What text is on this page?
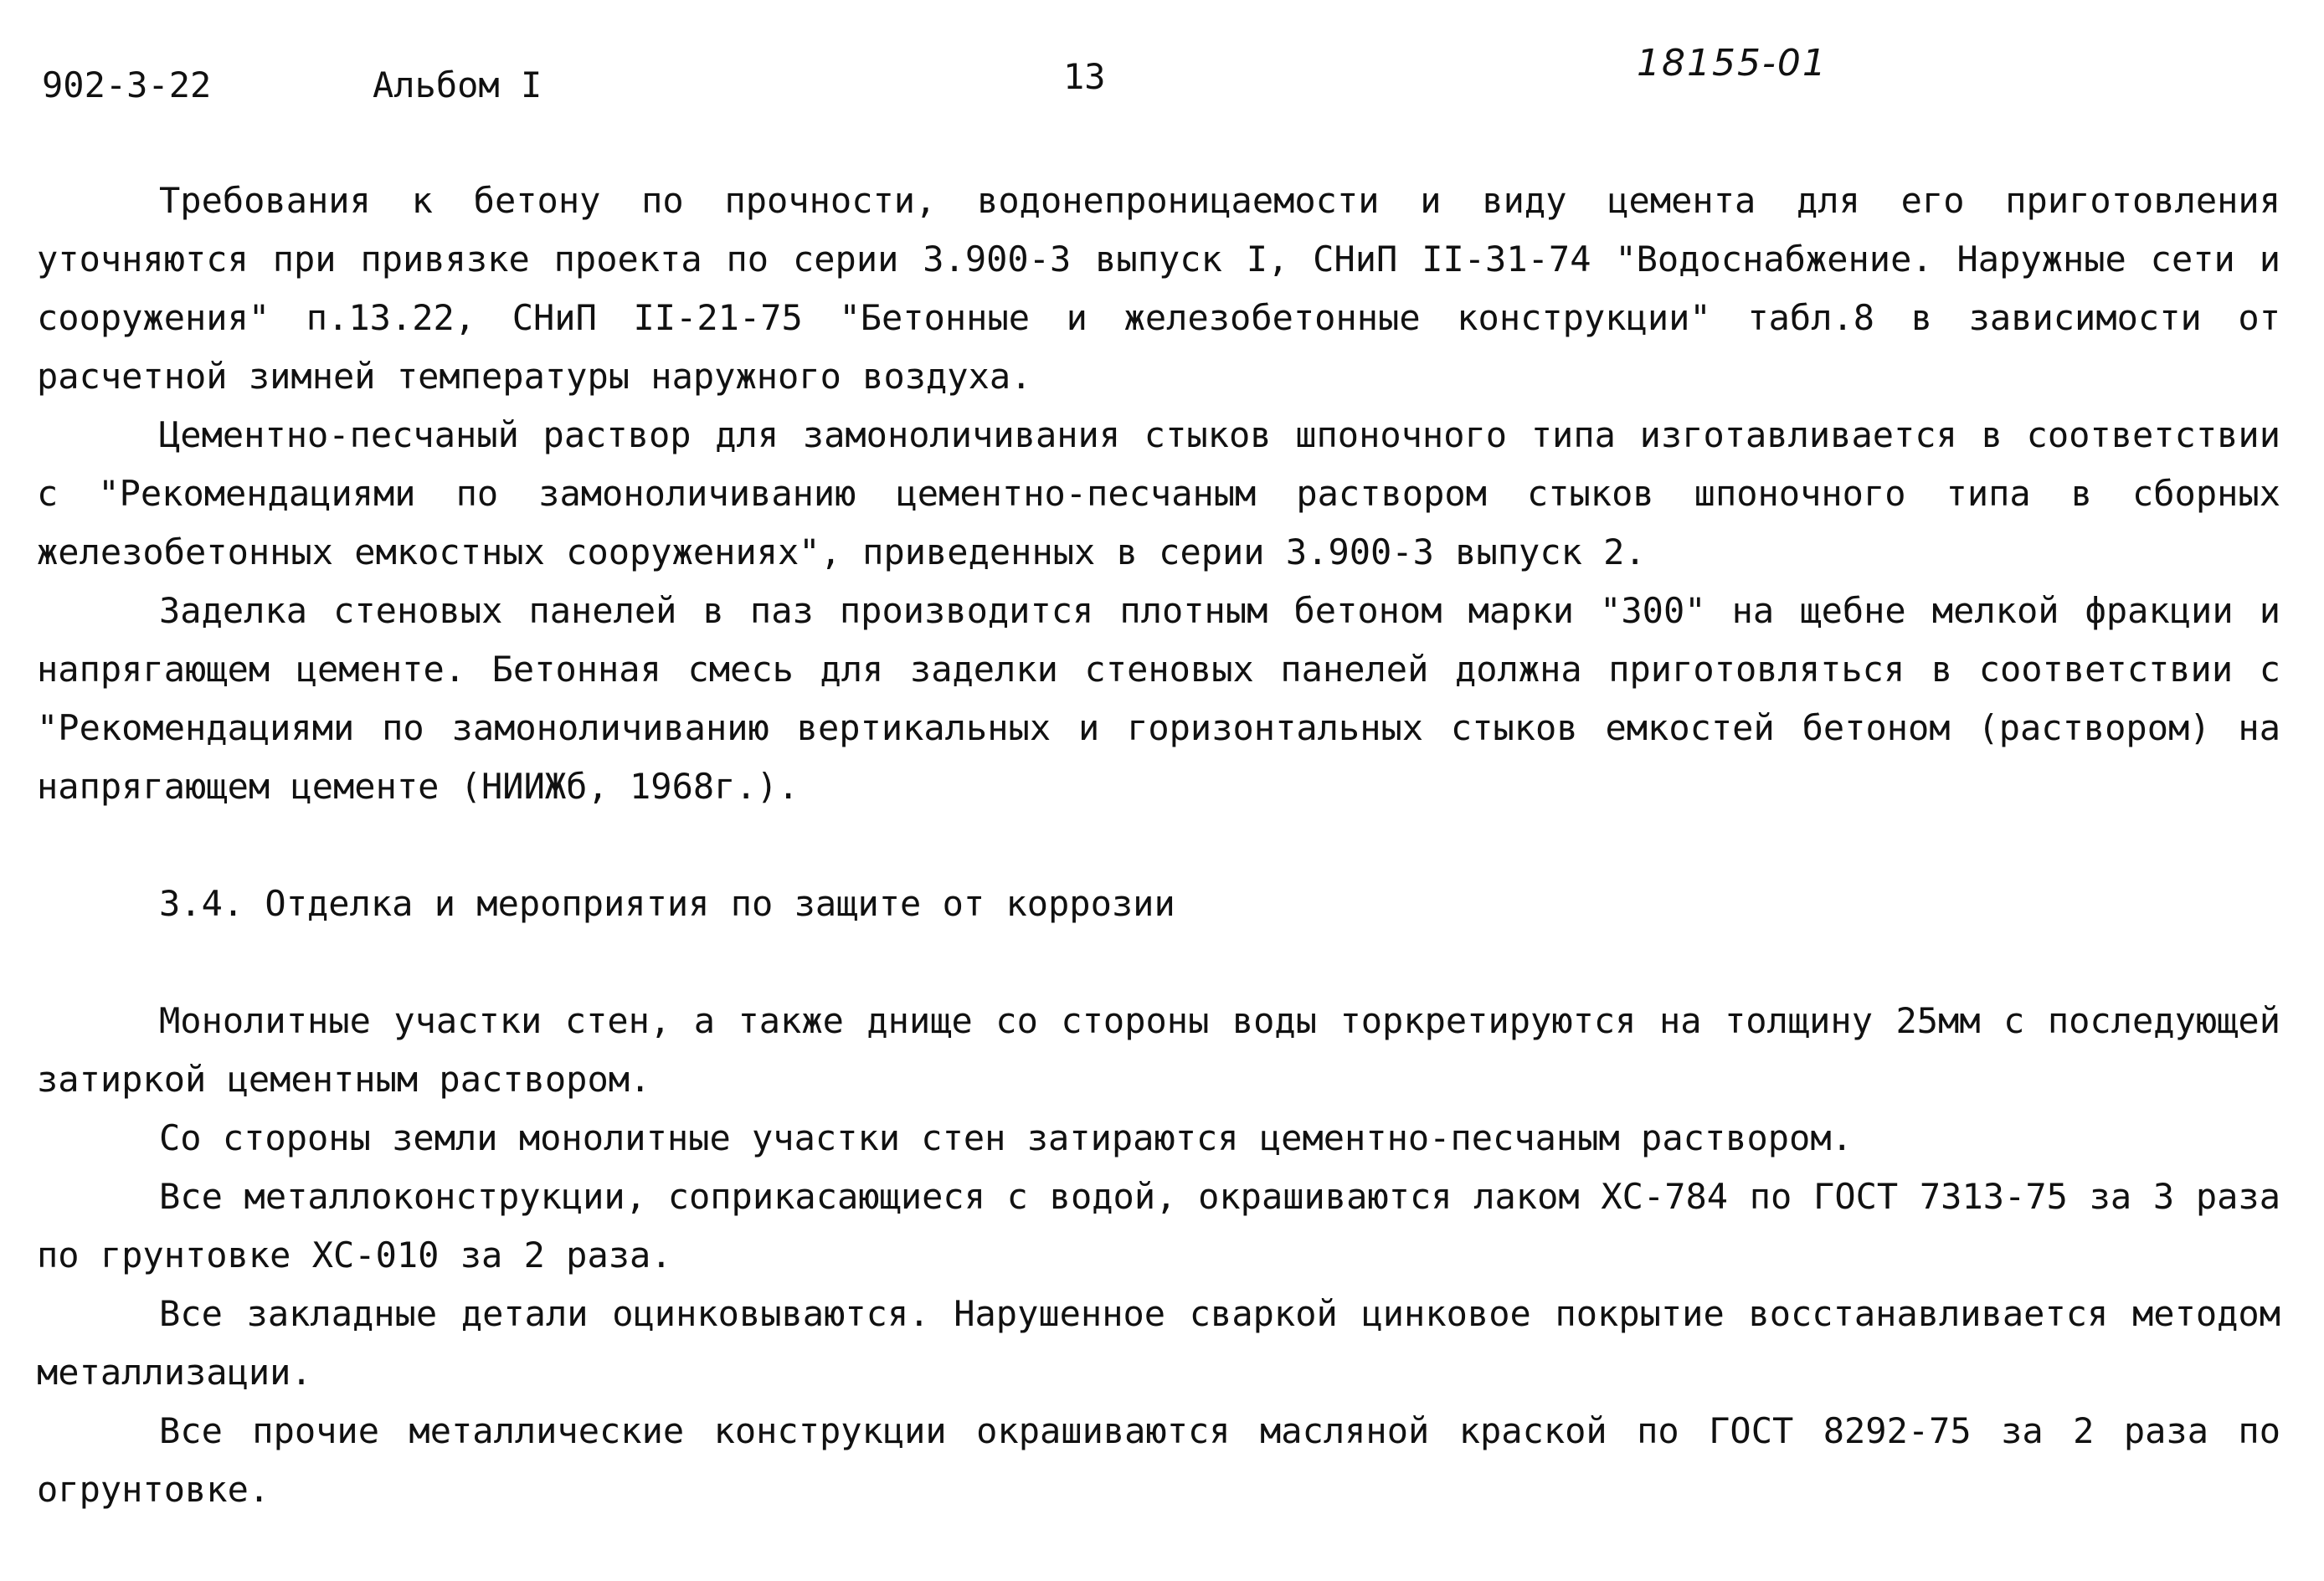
902-3-22	Альбом I	13	18155-01

Требования к бетону по прочности, водонепроницаемости и виду цемента для его приготовления уточняются при привязке проекта по серии 3.900-3 выпуск I, СНиП II-31-74 "Водоснабжение. Наружные сети и сооружения" п.13.22, СНиП II-21-75 "Бетонные и железобетонные конструкции" табл.8 в зависимости от расчетной зимней температуры наружного воздуха.

Цементно-песчаный раствор для замоноличивания стыков шпоночного типа изготавливается в соответствии с "Рекомендациями по замоноличиванию цементно-песчаным раствором стыков шпоночного типа в сборных железобетонных емкостных сооружениях", приведенных в серии 3.900-3 выпуск 2.

Заделка стеновых панелей в паз производится плотным бетоном марки "300" на щебне мелкой фракции и напрягающем цементе. Бетонная смесь для заделки стеновых панелей должна приготовляться в соответствии с "Рекомендациями по замоноличиванию вертикальных и горизонтальных стыков емкостей бетоном (раствором) на напрягающем цементе (НИИЖб, 1968г.).

3.4. Отделка и мероприятия по защите от коррозии

Монолитные участки стен, а также днище со стороны воды торкретируются на толщину 25мм с последующей затиркой цементным раствором.

Со стороны земли монолитные участки стен затираются цементно-песчаным раствором.

Все металлоконструкции, соприкасающиеся с водой, окрашиваются лаком ХС-784 по ГОСТ 7313-75 за 3 раза по грунтовке ХС-010 за 2 раза.

Все закладные детали оцинковываются. Нарушенное сваркой цинковое покрытие восстанавливается методом металлизации.

Все прочие металлические конструкции окрашиваются масляной краской по ГОСТ 8292-75 за 2 раза по огрунтовке.
